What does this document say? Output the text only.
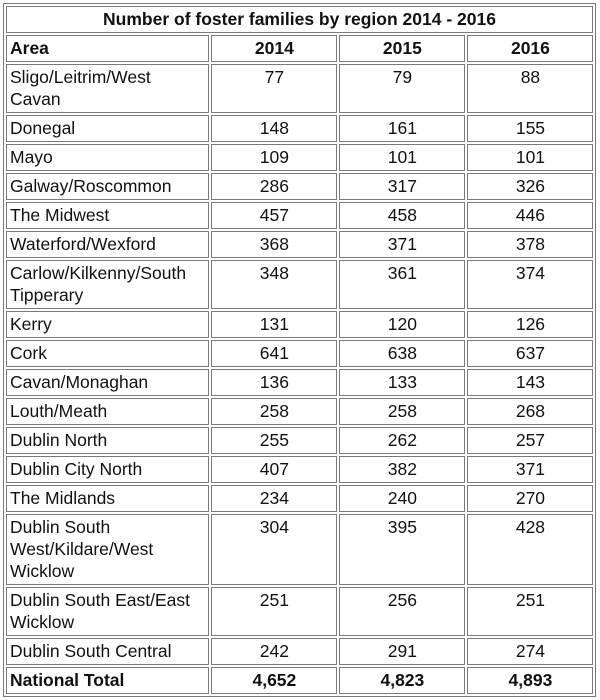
Number of foster families by region 2014 - 2016			
Area	2014	2015	2016
Sligo/Leitrim/West Cavan	77	79	88
Donegal	148	161	155
Mayo	109	101	101
Galway/Roscommon	286	317	326
The Midwest	457	458	446
Waterford/Wexford	368	371	378
Carlow/Kilkenny/South Tipperary	348	361	374
Kerry	131	120	126
Cork	641	638	637
Cavan/Monaghan	136	133	143
Louth/Meath	258	258	268
Dublin North	255	262	257
Dublin City North	407	382	371
The Midlands	234	240	270
Dublin South West/Kildare/West Wicklow	304	395	428
Dublin South East/East Wicklow	251	256	251
Dublin South Central	242	291	274
National Total	4,652	4,823	4,893
